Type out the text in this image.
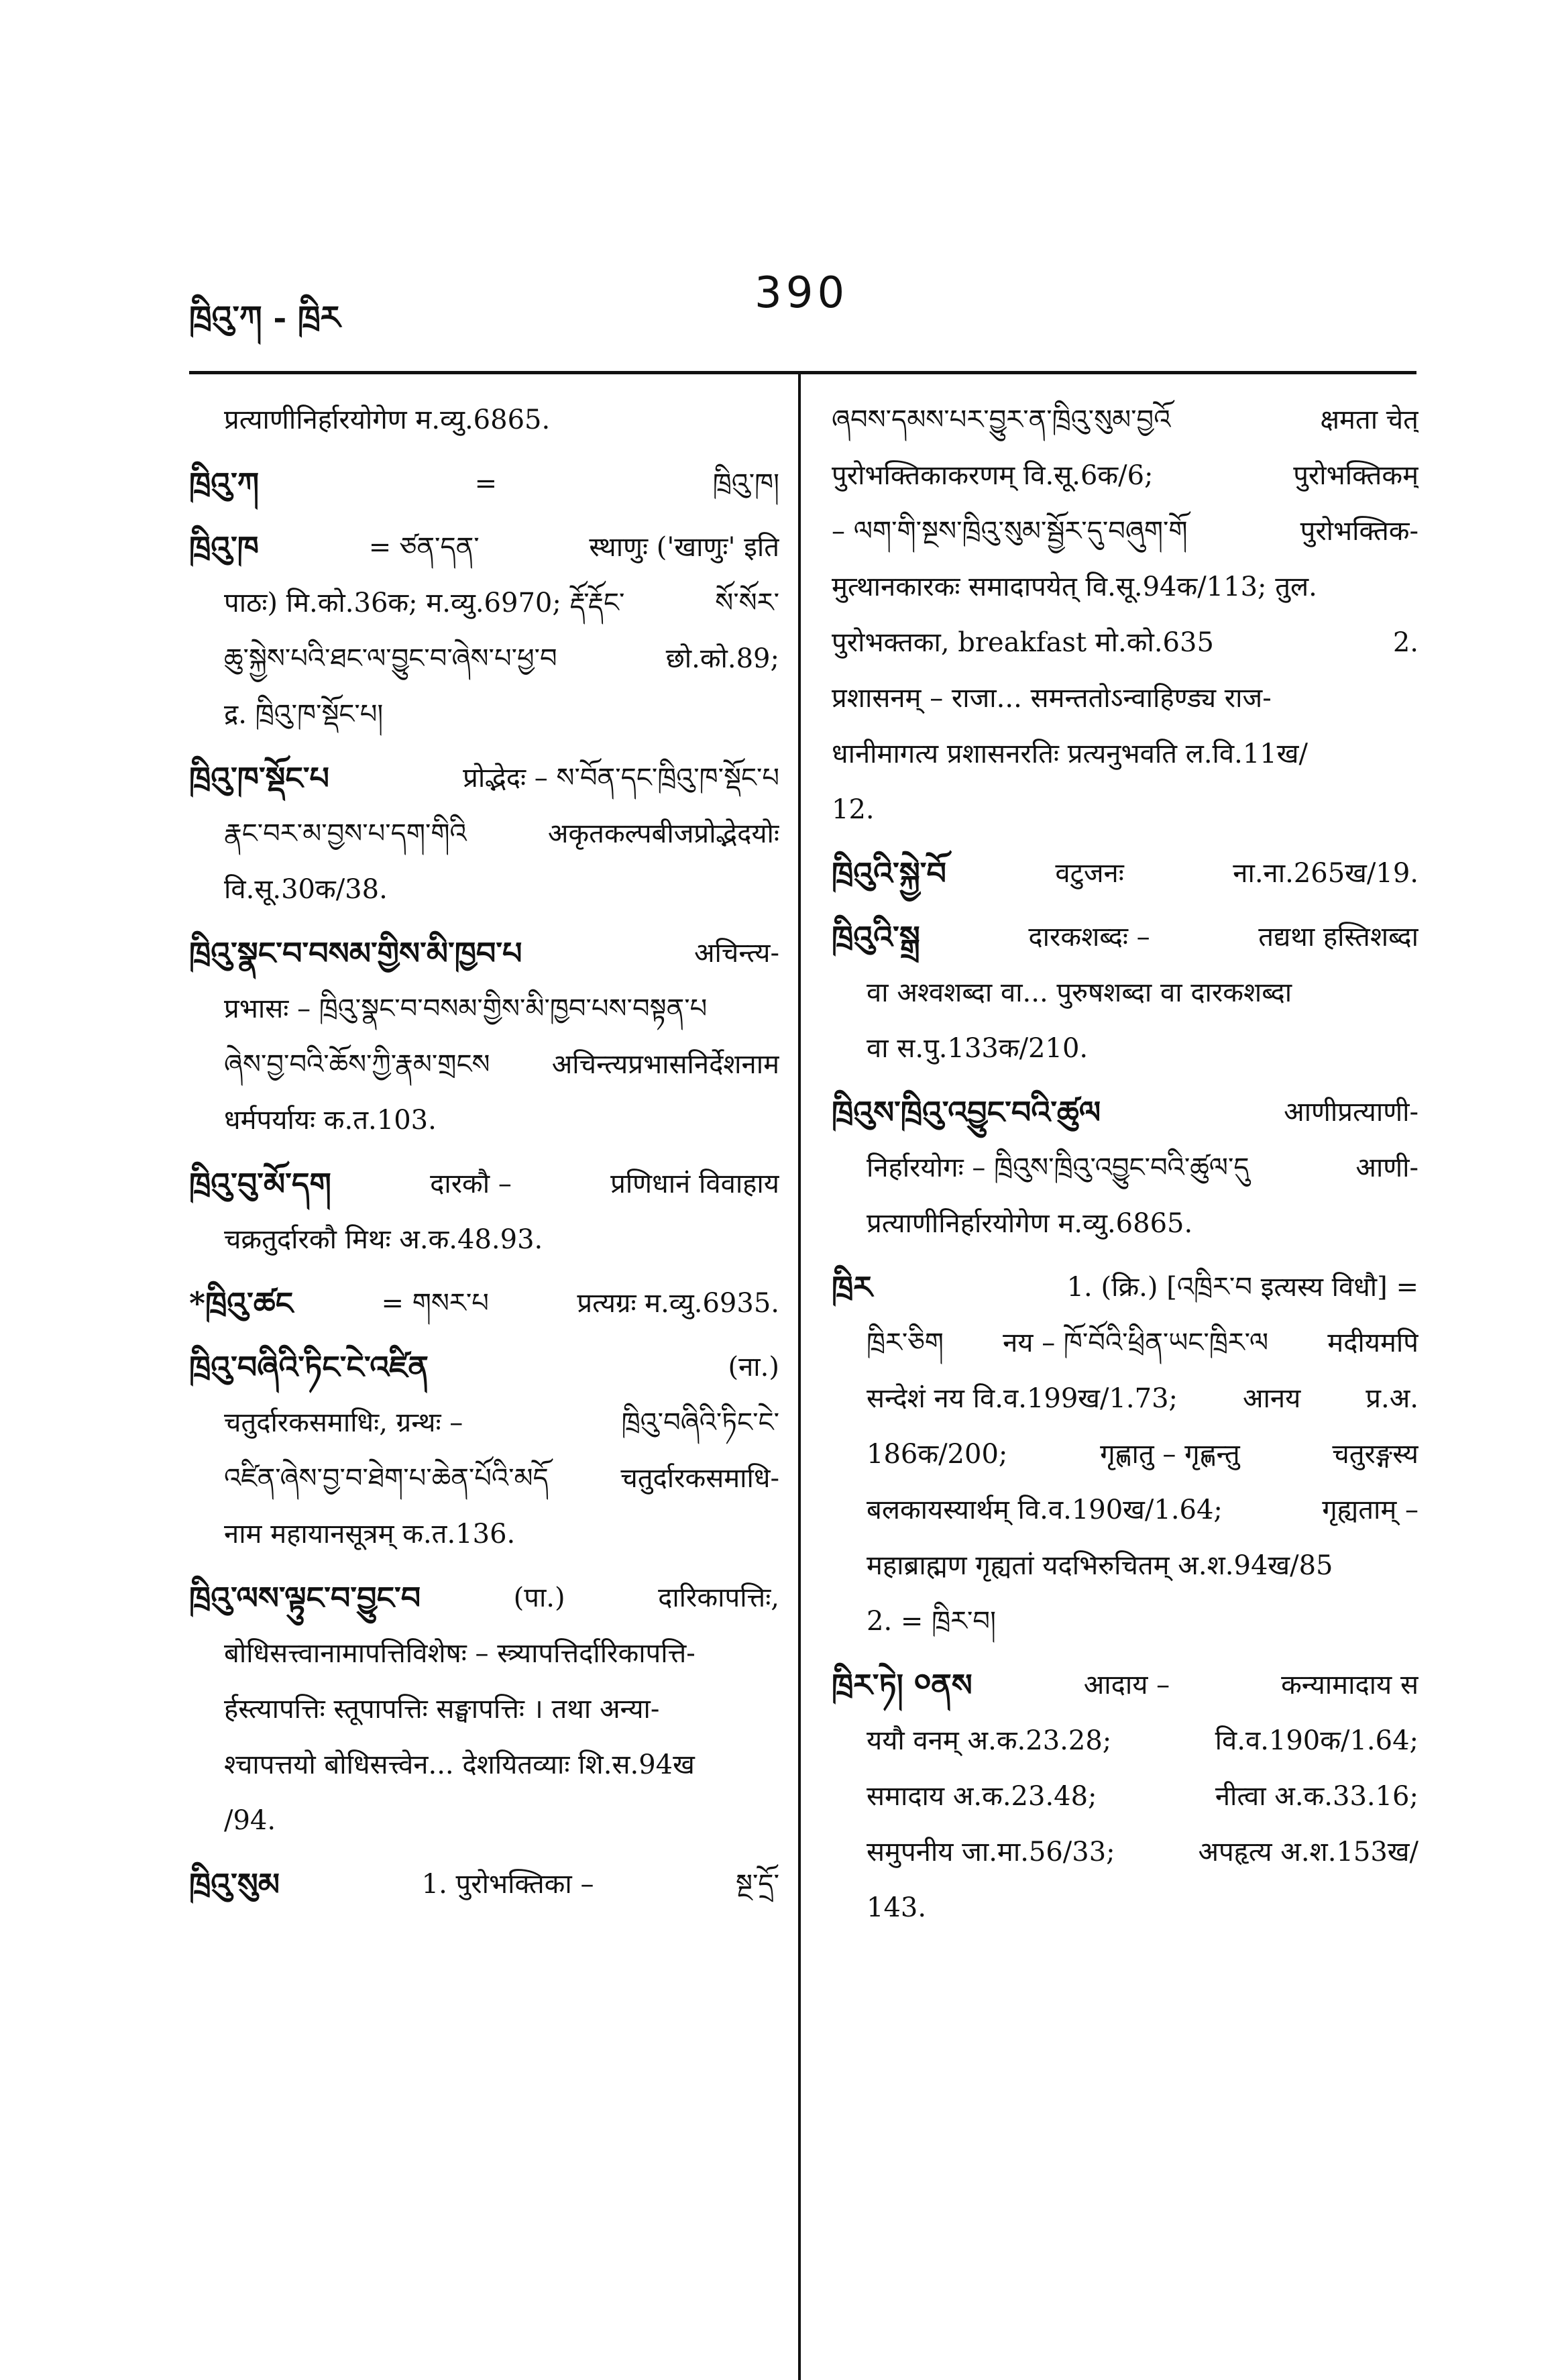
ཁྲིའུ་ཀ - ཁྲིར	390
प्रत्याणीनिर्हारयोगेण म.व्यु.6865.
ཁྲིའུ་ཀ	=	ཁྲིའུ་ཁ།
ཁྲིའུ་ཁ	= ཙན་དན་	स्थाणुः ('खाणुः' इति
पाठः) मि.को.36क; म.व्यु.6970; རྡོ་རྡོང་	སོ་སོར་
ཆུ་སྐྱེས་པའི་ཐང་ལ་བྱུང་བ་ཞེས་པ་ཕྱ་བ	छो.को.89;
द्र. ཁྲིའུ་ཁ་སྡོང་པ།
ཁྲིའུ་ཁ་སྡོང་པ	प्रोद्भेदः – ས་བོན་དང་ཁྲིའུ་ཁ་སྡོང་པ
རྣང་བར་མ་བྱས་པ་དག་གིའི	अकृतकल्पबीजप्रोद्भेदयोः
वि.सू.30क/38.
ཁྲིའུ་སྣང་བ་བསམ་གྱིས་མི་ཁྱབ་པ	अचिन्त्य-
प्रभासः – ཁྲིའུ་སྣང་བ་བསམ་གྱིས་མི་ཁྱབ་པས་བསྟན་པ
ཞེས་བྱ་བའི་ཆོས་ཀྱི་རྣམ་གྲངས अचिन्त्यप्रभासनिर्देशनाम
धर्मपर्यायः क.त.103.
ཁྲིའུ་བུ་མོ་དག	दारकौ –	प्रणिधानं विवाहाय
चक्रतुर्दारकौ मिथः अ.क.48.93.
*ཁྲིའུ་ཚང	= གསར་པ	प्रत्यग्रः म.व्यु.6935.
ཁྲིའུ་བཞིའི་ཏིང་ངེ་འཛིན	(ना.)
चतुर्दारकसमाधिः, ग्रन्थः –	ཁྲིའུ་བཞིའི་ཏིང་ངེ་
འཛིན་ཞེས་བྱ་བ་ཐེག་པ་ཆེན་པོའི་མདོ	चतुर्दारकसमाधि-
नाम महायानसूत्रम् क.त.136.
ཁྲིའུ་ལས་ལྟུང་བ་བྱུང་བ	(पा.)	दारिकापत्तिः,
बोधिसत्त्वानामापत्तिविशेषः – स्त्र्यापत्तिर्दारिकापत्ति-
र्हस्त्यापत्तिः स्तूपापत्तिः सङ्घापत्तिः । तथा अन्या-
श्चापत्तयो बोधिसत्त्वेन... देशयितव्याः शि.स.94ख
/94.
ཁྲིའུ་སུམ	1. पुरोभक्तिका –	སྔ་དྲོ་
ཞབས་དམས་པར་བྱུར་ན་ཁྲིའུ་སུམ་བྱའོ	क्षमता चेत्
पुरोभक्तिकाकरणम् वि.सू.6क/6;	पुरोभक्तिकम्
– ལག་གི་སྔས་ཁྲིའུ་སུམ་སྦྱོར་དུ་བཞུག་གོ	पुरोभक्तिक-
मुत्थानकारकः समादापयेत् वि.सू.94क/113; तुल.
पुरोभक्तका, breakfast मो.को.635	2.
प्रशासनम् – राजा... समन्ततोऽन्वाहिण्ड्य राज-
धानीमागत्य प्रशासनरतिः प्रत्यनुभवति ल.वि.11ख/
12.
ཁྲིའུའི་སྐྱེ་བོ	वटुजनः	ना.ना.265ख/19.
ཁྲིའུའི་སྒྲ	दारकशब्दः –	तद्यथा हस्तिशब्दा
वा अश्वशब्दा वा... पुरुषशब्दा वा दारकशब्दा
वा स.पु.133क/210.
ཁྲིའུས་ཁྲིའུ་འབྱུང་བའི་ཚུལ	आणीप्रत्याणी-
निर्हारयोगः – ཁྲིའུས་ཁྲིའུ་འབྱུང་བའི་ཚུལ་དུ	आणी-
प्रत्याणीनिर्हारयोगेण म.व्यु.6865.
ཁྲིར	1. (क्रि.) [འཁྲིར་བ इत्यस्य विधौ] =
ཁྲིར་ཅིག नय – ཁོ་བོའི་ཕྲིན་ཡང་ཁྲིར་ལ मदीयमपि
सन्देशं नय वि.व.199ख/1.73; आनय प्र.अ.
186क/200;	गृह्णातु – गृह्णन्तु	चतुरङ्गस्य
बलकायस्यार्थम् वि.व.190ख/1.64;	गृह्यताम् –
महाब्राह्मण गृह्यतां यदभिरुचितम् अ.श.94ख/85
2. = ཁྲིར་བ།
ཁྲིར་ཏེ། ༠ནས	आदाय –	कन्यामादाय स
ययौ वनम् अ.क.23.28;	वि.व.190क/1.64;
समादाय अ.क.23.48;	नीत्वा अ.क.33.16;
समुपनीय जा.मा.56/33;	अपहृत्य अ.श.153ख/
143.
